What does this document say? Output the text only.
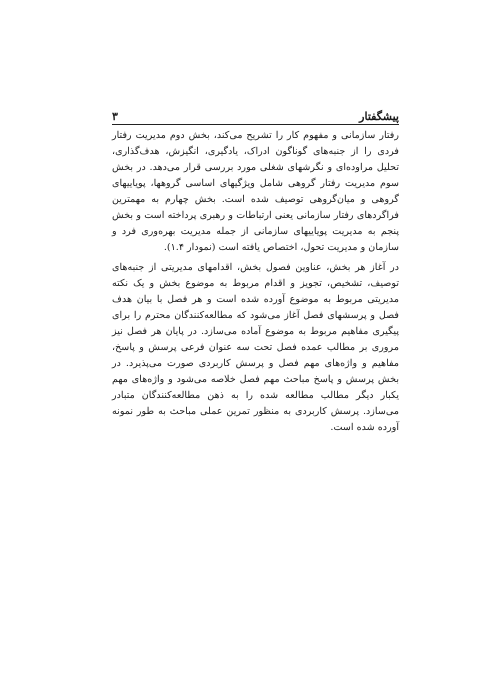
پیشگفتار
۳

رفتار سازمانی و مفهوم کار را تشریح می‌کند، بخش دوم مدیریت رفتار فردی را از جنبه‌های گوناگون ادراک، یادگیری، انگیزش، هدف‌گذاری، تحلیل مراوده‌ای و نگرشهای شغلی مورد بررسی قرار می‌دهد. در بخش سوم مدیریت رفتار گروهی شامل ویژگیهای اساسی گروهها، پویاییهای گروهی و میان‌گروهی توصیف شده است. بخش چهارم به مهمترین فراگردهای رفتار سازمانی یعنی ارتباطات و رهبری پرداخته است و بخش پنجم به مدیریت پویاییهای سازمانی از جمله مدیریت بهره‌وری فرد و سازمان و مدیریت تحول، اختصاص یافته است (نمودار ۱.۴).

در آغاز هر بخش، عناوین فصول بخش، اقدامهای مدیریتی از جنبه‌های توصیف، تشخیص، تجویز و اقدام مربوط به موضوع بخش و یک نکته مدیریتی مربوط به موضوع آورده شده است و هر فصل با بیان هدف فصل و پرسشهای فصل آغاز می‌شود که مطالعه‌کنندگان محترم را برای پیگیری مفاهیم مربوط به موضوع آماده می‌سازد. در پایان هر فصل نیز مروری بر مطالب عمده فصل تحت سه عنوان فرعی پرسش و پاسخ، مفاهیم و واژه‌های مهم فصل و پرسش کاربردی صورت می‌پذیرد. در بخش پرسش و پاسخ مباحث مهم فصل خلاصه می‌شود و واژه‌های مهم یکبار دیگر مطالب مطالعه شده را به ذهن مطالعه‌کنندگان متبادر می‌سازد. پرسش کاربردی به منظور تمرین عملی مباحث به طور نمونه آورده شده است.
